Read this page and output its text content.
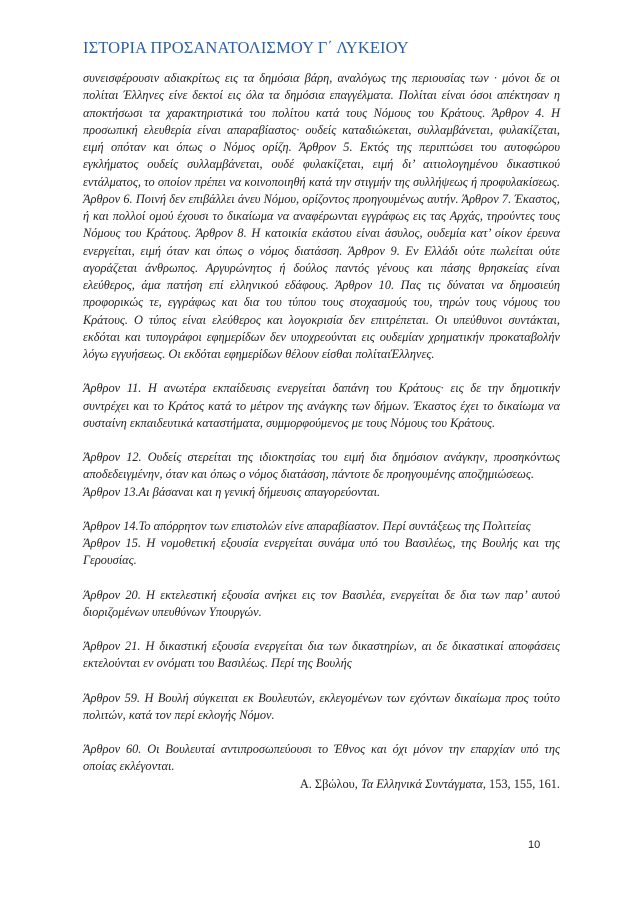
ΙΣΤΟΡΙΑ ΠΡΟΣΑΝΑΤΟΛΙΣΜΟΥ Γ΄ ΛΥΚΕΙΟΥ

συνεισφέρουσιν αδιακρίτως εις τα δημόσια βάρη, αναλόγως της περιουσίας των · μόνοι δε οι πολίται Έλληνες είνε δεκτοί εις όλα τα δημόσια επαγγέλματα. Πολίται είναι όσοι απέκτησαν η αποκτήσωσι τα χαρακτηριστικά του πολίτου κατά τους Νόμους του Κράτους. Άρθρον 4. Η προσωπική ελευθερία είναι απαραβίαστος· ουδείς καταδιώκεται, συλλαμβάνεται, φυλακίζεται, ειμή οπόταν και όπως ο Νόμος ορίζη. Άρθρον 5. Εκτός της περιπτώσει του αυτοφώρου εγκλήματος ουδείς συλλαμβάνεται, ουδέ φυλακίζεται, ειμή δι’ αιτιολογημένου δικαστικού εντάλματος, το οποίον πρέπει να κοινοποιηθή κατά την στιγμήν της συλλήψεως ή προφυλακίσεως. Άρθρον 6. Ποινή δεν επιβάλλει άνευ Νόμου, ορίζοντος προηγουμένως αυτήν. Άρθρον 7. Έκαστος, ή και πολλοί ομού έχουσι το δικαίωμα να αναφέρωνται εγγράφως εις τας Αρχάς, τηρούντες τους Νόμους του Κράτους. Άρθρον 8. Η κατοικία εκάστου είναι άσυλος, ουδεμία κατ’ οίκον έρευνα ενεργείται, ειμή όταν και όπως ο νόμος διατάσση. Άρθρον 9. Εν Ελλάδι ούτε πωλείται ούτε αγοράζεται άνθρωπος. Αργυρώνητος ή δούλος παντός γένους και πάσης θρησκείας είναι ελεύθερος, άμα πατήση επί ελληνικού εδάφους. Άρθρον 10. Πας τις δύναται να δημοσιεύη προφορικώς τε, εγγράφως και δια του τύπου τους στοχασμούς του, τηρών τους νόμους του Κράτους. Ο τύπος είναι ελεύθερος και λογοκρισία δεν επιτρέπεται. Οι υπεύθυνοι συντάκται, εκδόται και τυπογράφοι εφημερίδων δεν υποχρεούνται εις ουδεμίαν χρηματικήν προκαταβολήν λόγω εγγυήσεως. Οι εκδόται εφημερίδων θέλουν είσθαι πολίταιΈλληνες.

Άρθρον 11. Η ανωτέρα εκπαίδευσις ενεργείται δαπάνη του Κράτους· εις δε την δημοτικήν συντρέχει και το Κράτος κατά το μέτρον της ανάγκης των δήμων. Έκαστος έχει το δικαίωμα να συσταίνη εκπαιδευτικά καταστήματα, συμμορφούμενος με τους Νόμους του Κράτους.

Άρθρον 12. Ουδείς στερείται της ιδιοκτησίας του ειμή δια δημόσιον ανάγκην, προσηκόντως αποδεδειγμένην, όταν και όπως ο νόμος διατάσση, πάντοτε δε προηγουμένης αποζημιώσεως.

Άρθρον 13.Αι βάσαναι και η γενική δήμευσις απαγορεύονται.

Άρθρον 14.Το απόρρητον των επιστολών είνε απαραβίαστον. Περί συντάξεως της Πολιτείας

Άρθρον 15. Η νομοθετική εξουσία ενεργείται συνάμα υπό του Βασιλέως, της Βουλής και της Γερουσίας.

Άρθρον 20. Η εκτελεστική εξουσία ανήκει εις τον Βασιλέα, ενεργείται δε δια των παρ’ αυτού διοριζομένων υπευθύνων Υπουργών.

Άρθρον 21. Η δικαστική εξουσία ενεργείται δια των δικαστηρίων, αι δε δικαστικαί αποφάσεις εκτελούνται εν ονόματι του Βασιλέως. Περί της Βουλής

Άρθρον 59. Η Βουλή σύγκειται εκ Βουλευτών, εκλεγομένων των εχόντων δικαίωμα προς τούτο πολιτών, κατά τον περί εκλογής Νόμον.

Άρθρον 60. Οι Βουλευταί αντιπροσωπεύουσι το Έθνος και όχι μόνον την επαρχίαν υπό της οποίας εκλέγονται.

Α. Σβώλου, Τα Ελληνικά Συντάγματα, 153, 155, 161.

10
